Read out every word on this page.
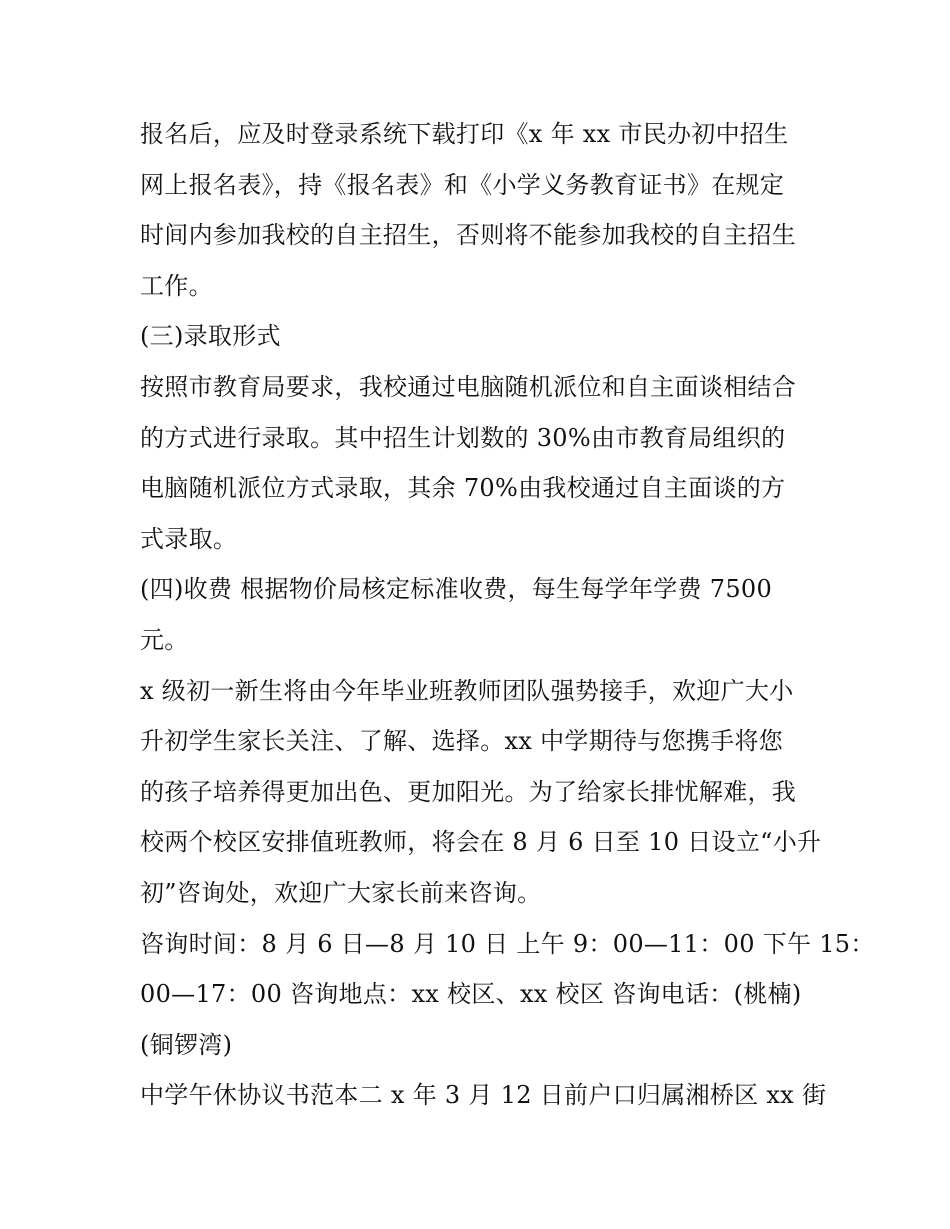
报名后，应及时登录系统下载打印《x 年 xx 市民办初中招生
网上报名表》，持《报名表》和《小学义务教育证书》在规定
时间内参加我校的自主招生，否则将不能参加我校的自主招生
工作。
(三)录取形式
按照市教育局要求，我校通过电脑随机派位和自主面谈相结合
的方式进行录取。其中招生计划数的 30%由市教育局组织的
电脑随机派位方式录取，其余 70%由我校通过自主面谈的方
式录取。
(四)收费 根据物价局核定标准收费，每生每学年学费 7500
元。
x 级初一新生将由今年毕业班教师团队强势接手，欢迎广大小
升初学生家长关注、了解、选择。xx 中学期待与您携手将您
的孩子培养得更加出色、更加阳光。为了给家长排忧解难，我
校两个校区安排值班教师，将会在 8 月 6 日至 10 日设立“小升
初”咨询处，欢迎广大家长前来咨询。
咨询时间：8 月 6 日—8 月 10 日 上午 9：00—11：00 下午 15：
00—17：00 咨询地点：xx 校区、xx 校区 咨询电话：(桃楠)
(铜锣湾)
中学午休协议书范本二 x 年 3 月 12 日前户口归属湘桥区 xx 街
